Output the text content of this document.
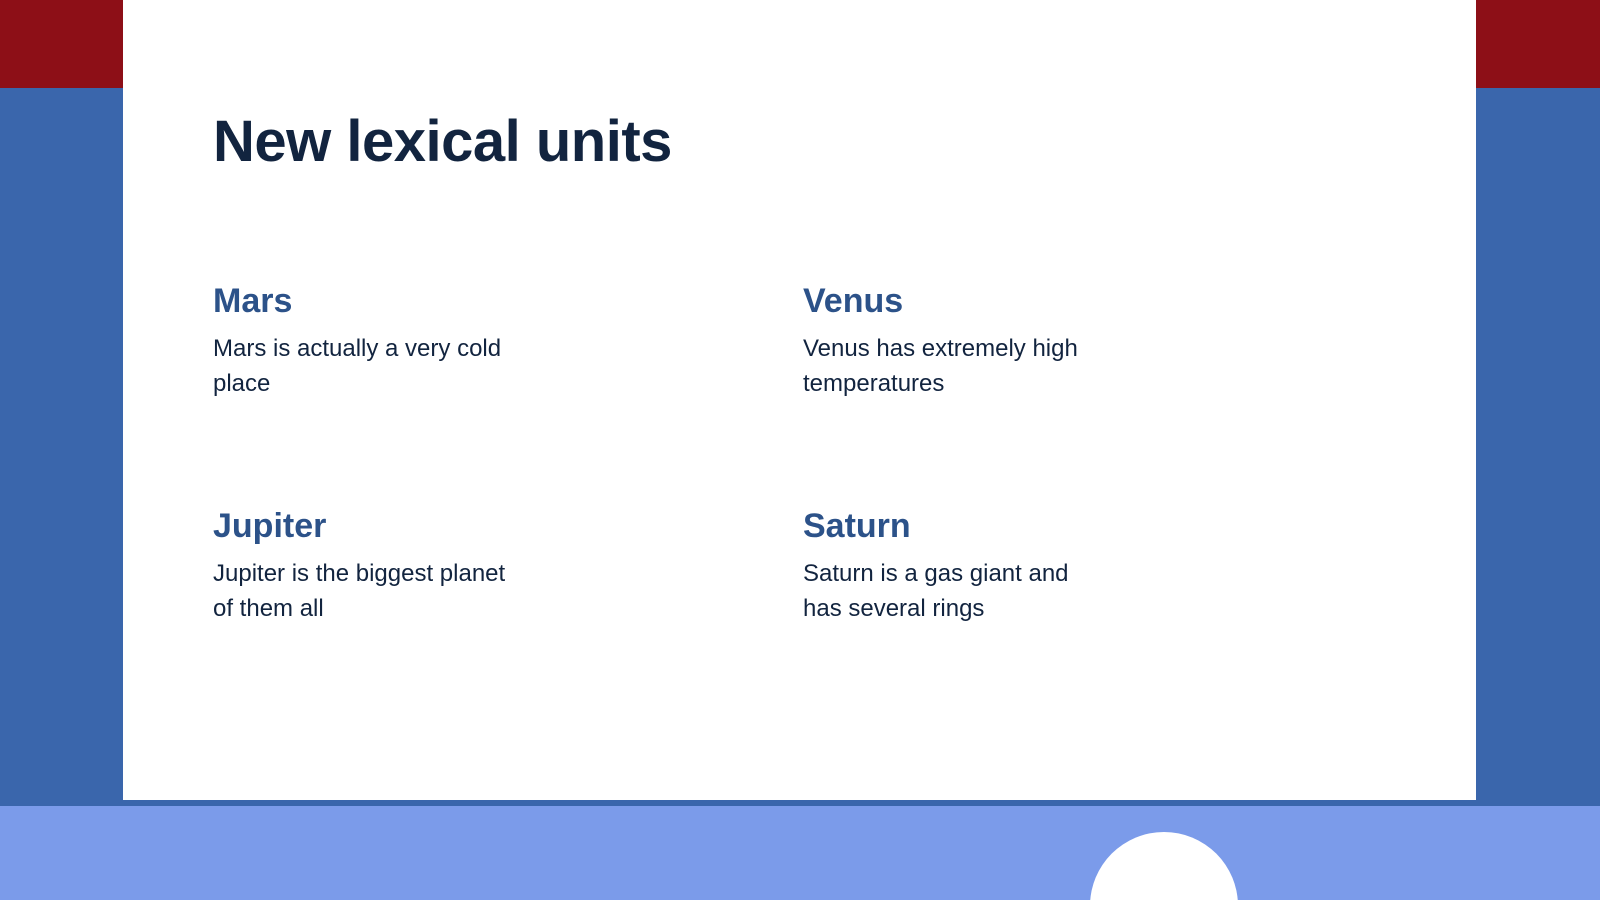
New lexical units

Mars

Mars is actually a very cold place

Venus

Venus has extremely high temperatures

Jupiter

Jupiter is the biggest planet of them all

Saturn

Saturn is a gas giant and has several rings
